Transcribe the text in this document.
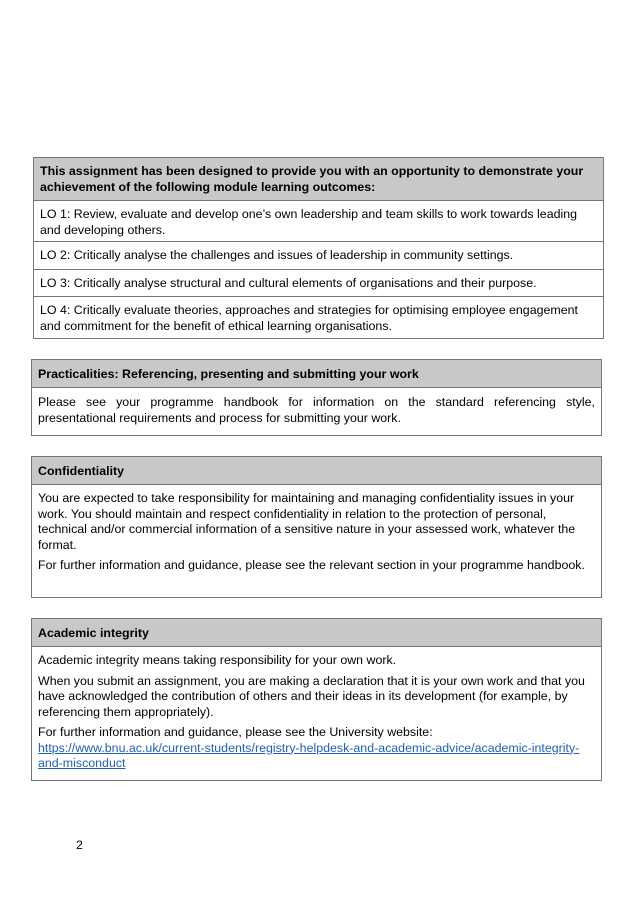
This assignment has been designed to provide you with an opportunity to demonstrate your achievement of the following module learning outcomes:
LO 1: Review, evaluate and develop one’s own leadership and team skills to work towards leading and developing others.
LO 2: Critically analyse the challenges and issues of leadership in community settings.
LO 3: Critically analyse structural and cultural elements of organisations and their purpose.
LO 4: Critically evaluate theories, approaches and strategies for optimising employee engagement and commitment for the benefit of ethical learning organisations.
Practicalities: Referencing, presenting and submitting your work
Please see your programme handbook for information on the standard referencing style, presentational requirements and process for submitting your work.
Confidentiality

You are expected to take responsibility for maintaining and managing confidentiality issues in your work. You should maintain and respect confidentiality in relation to the protection of personal, technical and/or commercial information of a sensitive nature in your assessed work, whatever the format.

For further information and guidance, please see the relevant section in your programme handbook.

Academic integrity

Academic integrity means taking responsibility for your own work.

When you submit an assignment, you are making a declaration that it is your own work and that you have acknowledged the contribution of others and their ideas in its development (for example, by referencing them appropriately).

For further information and guidance, please see the University website:
https://www.bnu.ac.uk/current-students/registry-helpdesk-and-academic-advice/academic-integrity-and-misconduct

2
